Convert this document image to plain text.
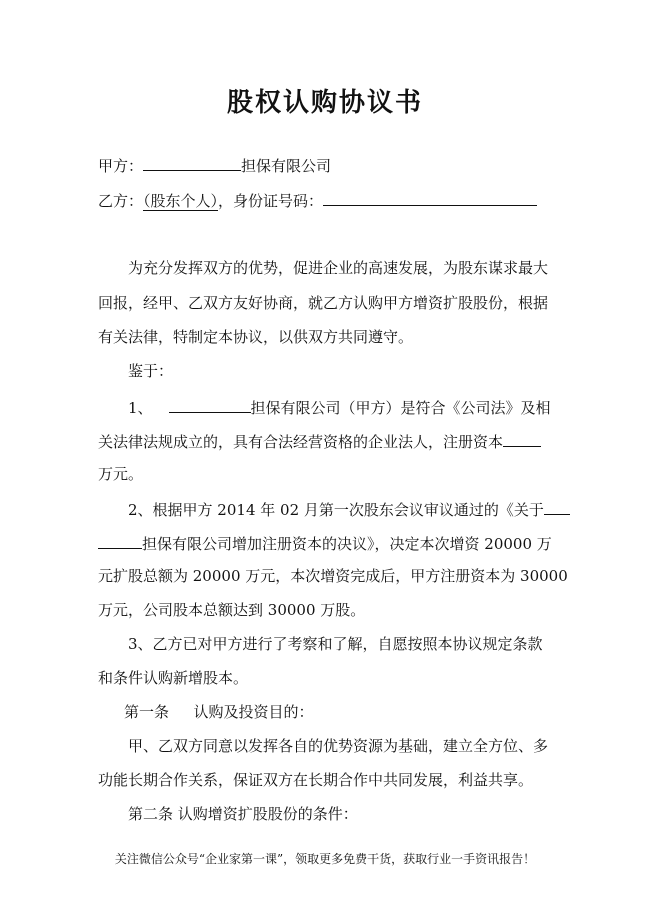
股权认购协议书
甲方：	担保有限公司
乙方：（股东个人），身份证号码：
为充分发挥双方的优势，促进企业的高速发展，为股东谋求最大
回报，经甲、乙双方友好协商，就乙方认购甲方增资扩股股份，根据
有关法律，特制定本协议，以供双方共同遵守。
鉴于：
1、	担保有限公司（甲方）是符合《公司法》及相
关法律法规成立的，具有合法经营资格的企业法人，注册资本
万元。
2、根据甲方 2014 年 02 月第一次股东会议审议通过的《关于
担保有限公司增加注册资本的决议》，决定本次增资 20000 万
元扩股总额为 20000 万元，本次增资完成后，甲方注册资本为 30000
万元，公司股本总额达到 30000 万股。
3、乙方已对甲方进行了考察和了解，自愿按照本协议规定条款
和条件认购新增股本。
第一条 　 认购及投资目的：
甲、乙双方同意以发挥各自的优势资源为基础，建立全方位、多
功能长期合作关系，保证双方在长期合作中共同发展，利益共享。
第二条 认购增资扩股股份的条件：
关注微信公众号“企业家第一课”，领取更多免费干货，获取行业一手资讯报告！
